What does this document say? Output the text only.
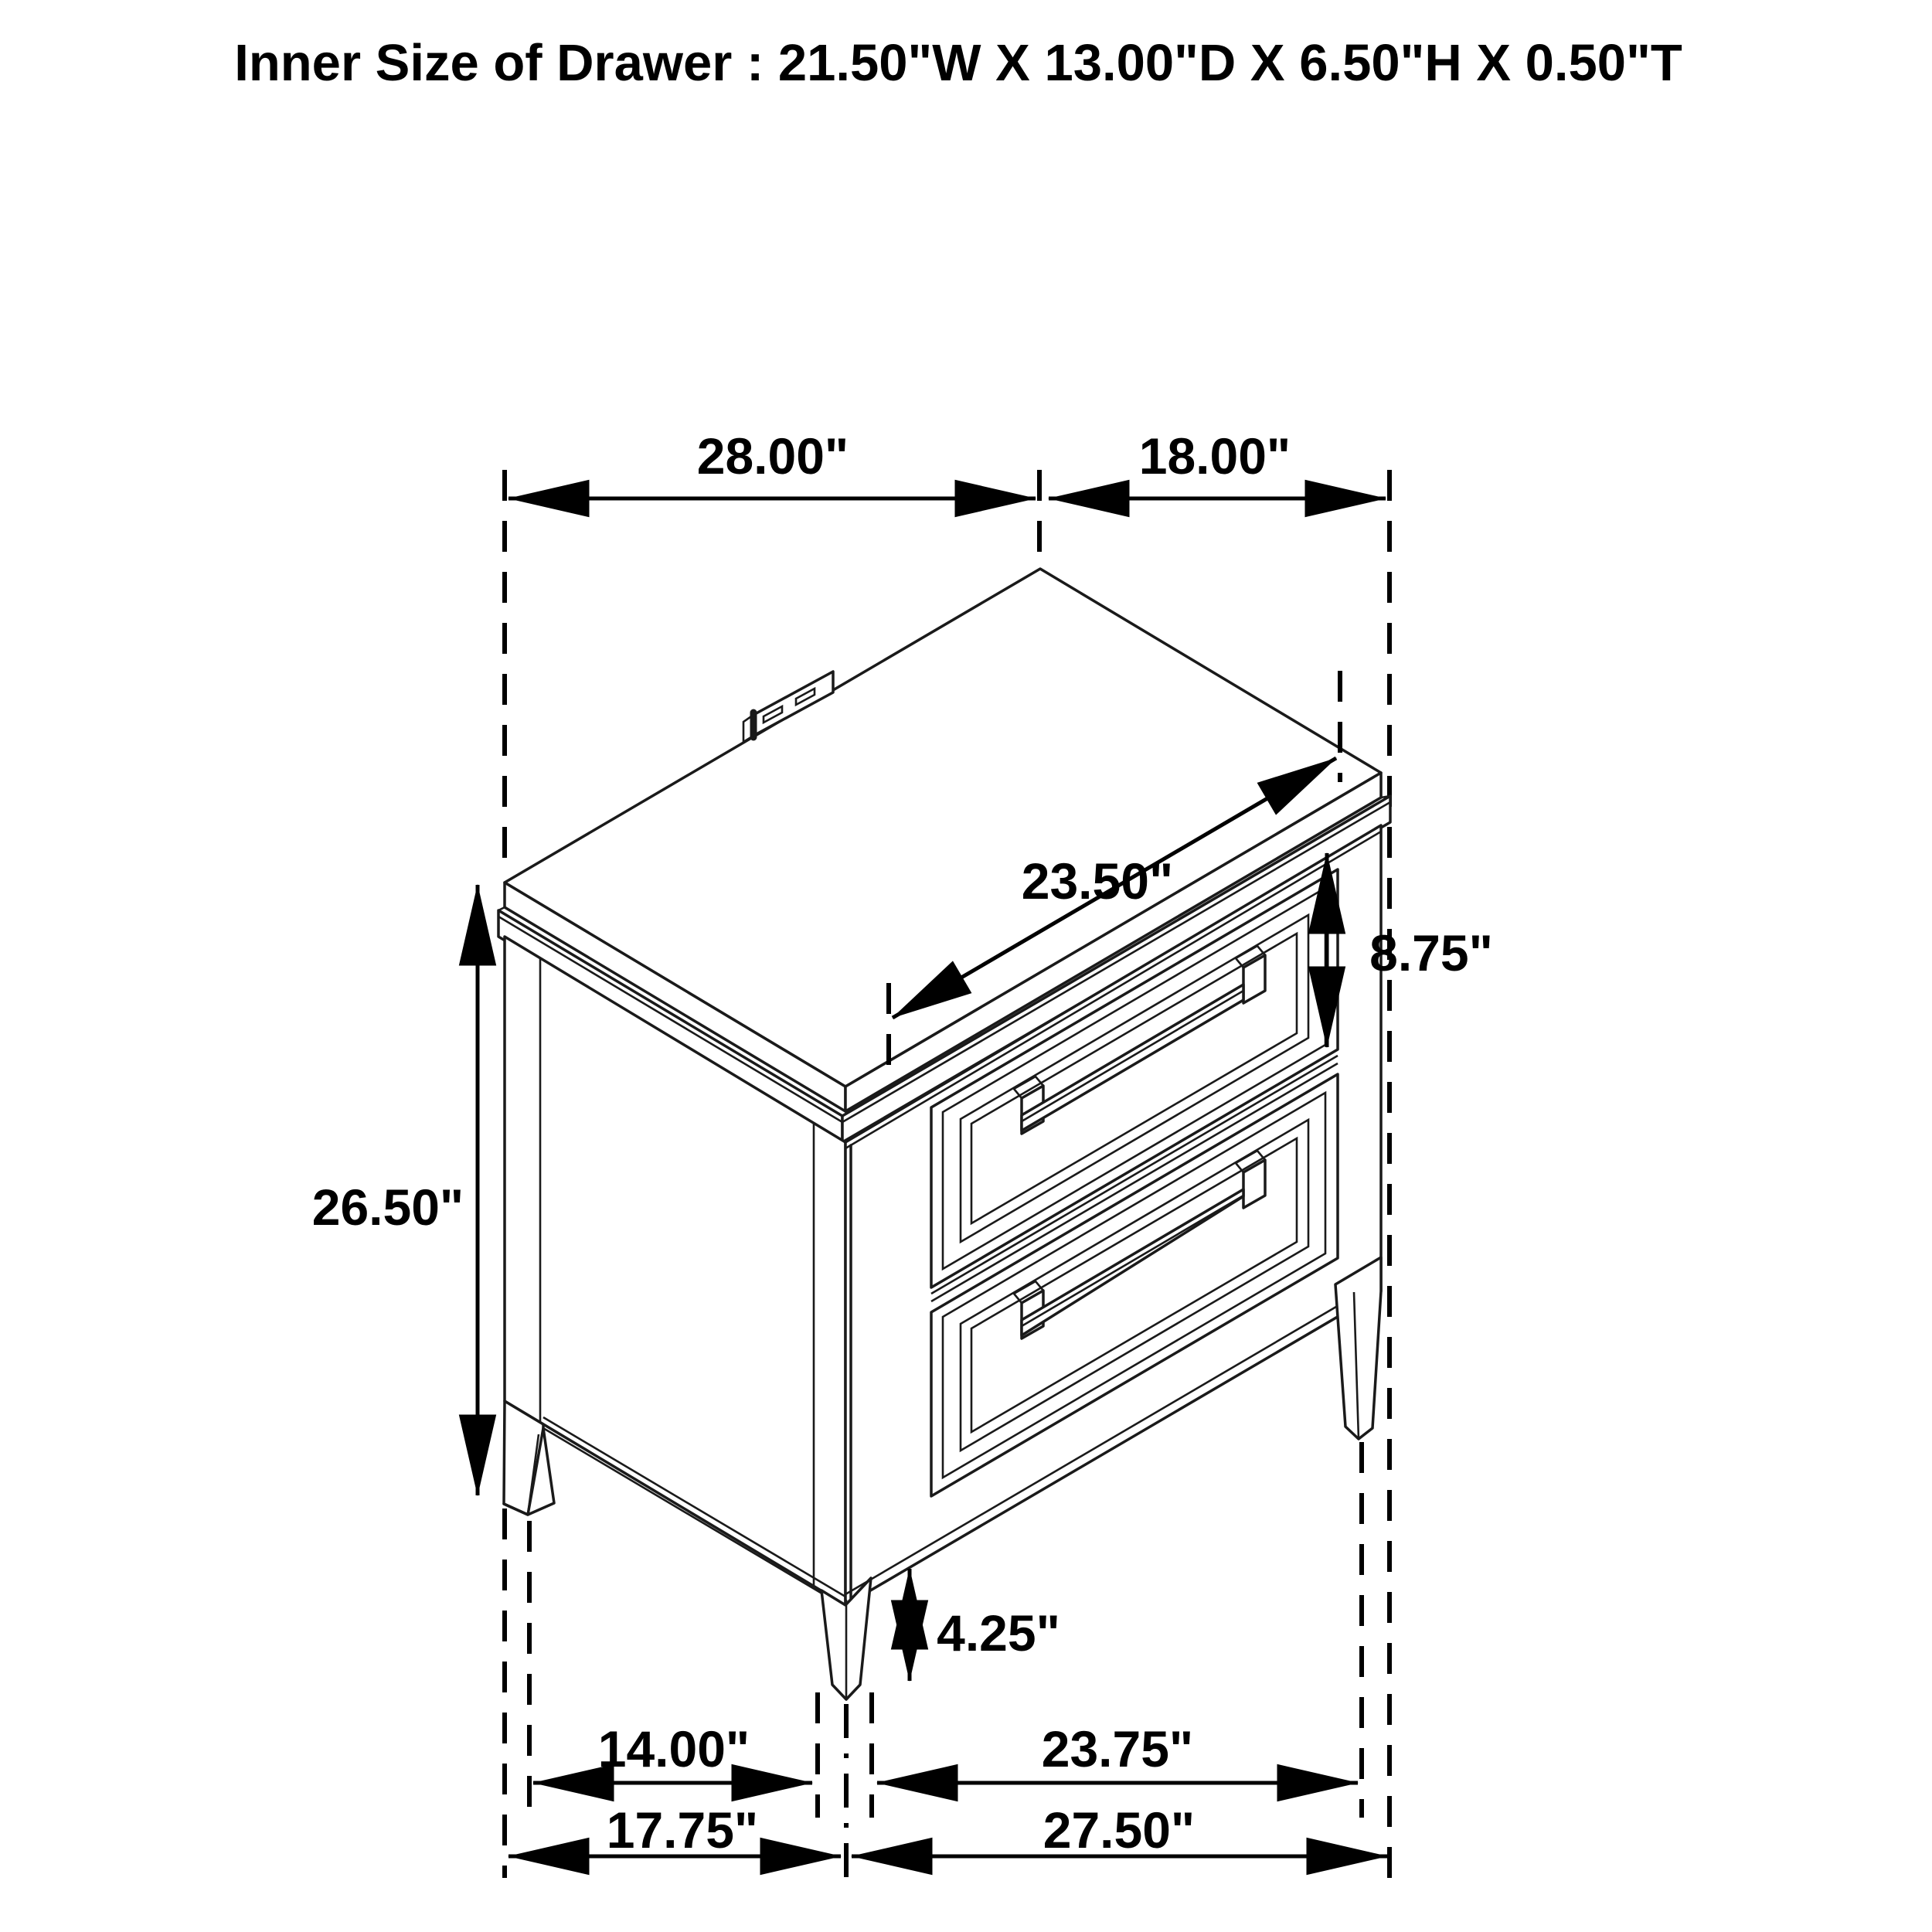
Inner Size of Drawer : 21.50"W X 13.00"D X 6.50"H X 0.50"T
28.00"	18.00"
23.50"
8.75"
26.50"
4.25"
14.00"	23.75"
17.75"	27.50"
